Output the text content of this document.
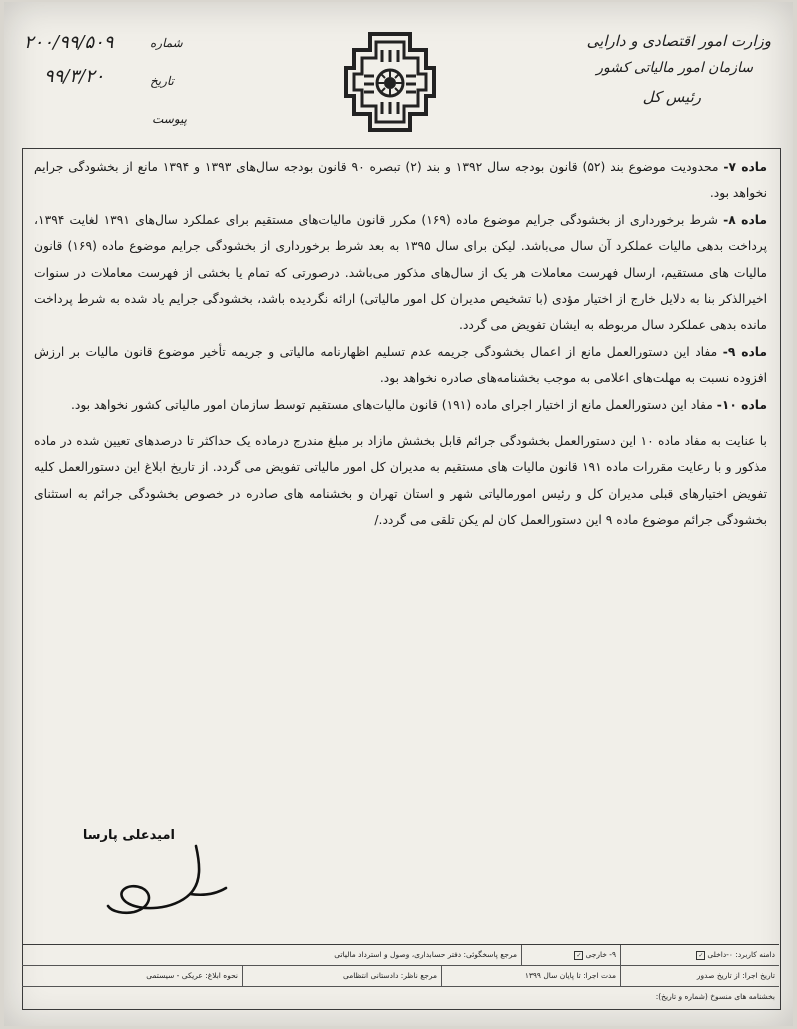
وزارت امور اقتصادی و دارایی
سازمان امور مالیاتی کشور
رئیس کل
شماره
۲۰۰/۹۹/۵۰۹
تاریخ
۹۹/۳/۲۰
پیوست

ماده ۷- محدودیت موضوع بند (۵۲) قانون بودجه سال ۱۳۹۲ و بند (۲) تبصره ۹۰ قانون بودجه سال‌های ۱۳۹۳ و ۱۳۹۴ مانع از بخشودگی جرایم نخواهد بود.

ماده ۸- شرط برخورداری از بخشودگی جرایم موضوع ماده (۱۶۹) مکرر قانون مالیات‌های مستقیم برای عملکرد سال‌های ۱۳۹۱ لغایت ۱۳۹۴، پرداخت بدهی مالیات عملکرد آن سال می‌باشد. لیکن برای سال ۱۳۹۵ به بعد شرط برخورداری از بخشودگی جرایم موضوع ماده (۱۶۹) قانون مالیات های مستقیم، ارسال فهرست معاملات هر یک از سال‌های مذکور می‌باشد. درصورتی که تمام یا بخشی از فهرست معاملات در سنوات اخیرالذکر بنا به دلایل خارج از اختیار مؤدی (با تشخیص مدیران کل امور مالیاتی) ارائه نگردیده باشد، بخشودگی جرایم یاد شده به شرط پرداخت مانده بدهی عملکرد سال مربوطه به ایشان تفویض می گردد.

ماده ۹- مفاد این دستورالعمل مانع از اعمال بخشودگی جریمه عدم تسلیم اظهارنامه مالیاتی و جریمه تأخیر موضوع قانون مالیات بر ارزش افزوده نسبت به مهلت‌های اعلامی به موجب بخشنامه‌های صادره نخواهد بود.

ماده ۱۰- مفاد این دستورالعمل مانع از اختیار اجرای ماده (۱۹۱) قانون مالیات‌های مستقیم توسط سازمان امور مالیاتی کشور نخواهد بود.

با عنایت به مفاد ماده ۱۰ این دستورالعمل بخشودگی جرائم قابل بخشش مازاد بر مبلغ مندرج درماده یک حداکثر تا درصدهای تعیین شده در ماده مذکور و با رعایت مقررات ماده ۱۹۱ قانون مالیات های مستقیم به مدیران کل امور مالیاتی تفویض می گردد. از تاریخ ابلاغ این دستورالعمل کلیه تفویض اختیارهای قبلی مدیران کل و رئیس امورمالیاتی شهر و استان تهران و بخشنامه های صادره در خصوص بخشودگی جرائم به استثنای بخشودگی جرائم موضوع ماده ۹ این دستورالعمل کان لم یکن تلقی می گردد./

امیدعلی پارسا
دامنه کاربرد: ۰-داخلی✓
۹- خارجی✓
مرجع پاسخگوئی: دفتر حسابداری، وصول و استرداد مالیاتی
تاریخ اجرا: از تاریخ صدور
مدت اجرا: تا پایان سال ۱۳۹۹
مرجع ناظر: دادستانی انتظامی
نحوه ابلاغ: عریکی - سیستمی
بخشنامه های منسوخ (شماره و تاریخ):
